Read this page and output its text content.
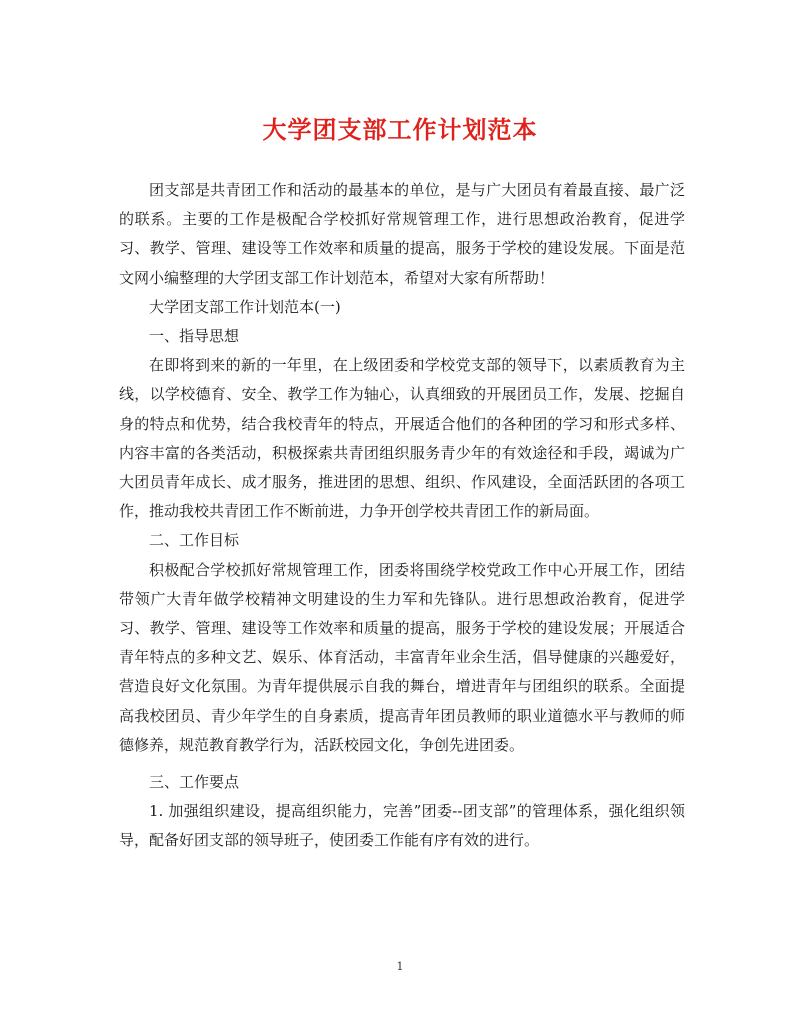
大学团支部工作计划范本

团支部是共青团工作和活动的最基本的单位，是与广大团员有着最直接、最广泛的联系。主要的工作是极配合学校抓好常规管理工作，进行思想政治教育，促进学习、教学、管理、建设等工作效率和质量的提高，服务于学校的建设发展。下面是范文网小编整理的大学团支部工作计划范本，希望对大家有所帮助！

大学团支部工作计划范本(一)

一、指导思想

在即将到来的新的一年里，在上级团委和学校党支部的领导下，以素质教育为主线，以学校德育、安全、教学工作为轴心，认真细致的开展团员工作，发展、挖掘自身的特点和优势，结合我校青年的特点，开展适合他们的各种团的学习和形式多样、内容丰富的各类活动，积极探索共青团组织服务青少年的有效途径和手段，竭诚为广大团员青年成长、成才服务，推进团的思想、组织、作风建设，全面活跃团的各项工作，推动我校共青团工作不断前进，力争开创学校共青团工作的新局面。

二、工作目标

积极配合学校抓好常规管理工作，团委将围绕学校党政工作中心开展工作，团结带领广大青年做学校精神文明建设的生力军和先锋队。进行思想政治教育，促进学习、教学、管理、建设等工作效率和质量的提高，服务于学校的建设发展；开展适合青年特点的多种文艺、娱乐、体育活动，丰富青年业余生活，倡导健康的兴趣爱好，营造良好文化氛围。为青年提供展示自我的舞台，增进青年与团组织的联系。全面提高我校团员、青少年学生的自身素质，提高青年团员教师的职业道德水平与教师的师德修养，规范教育教学行为，活跃校园文化，争创先进团委。

三、工作要点

1. 加强组织建设，提高组织能力，完善”团委--团支部”的管理体系，强化组织领导，配备好团支部的领导班子，使团委工作能有序有效的进行。

1
